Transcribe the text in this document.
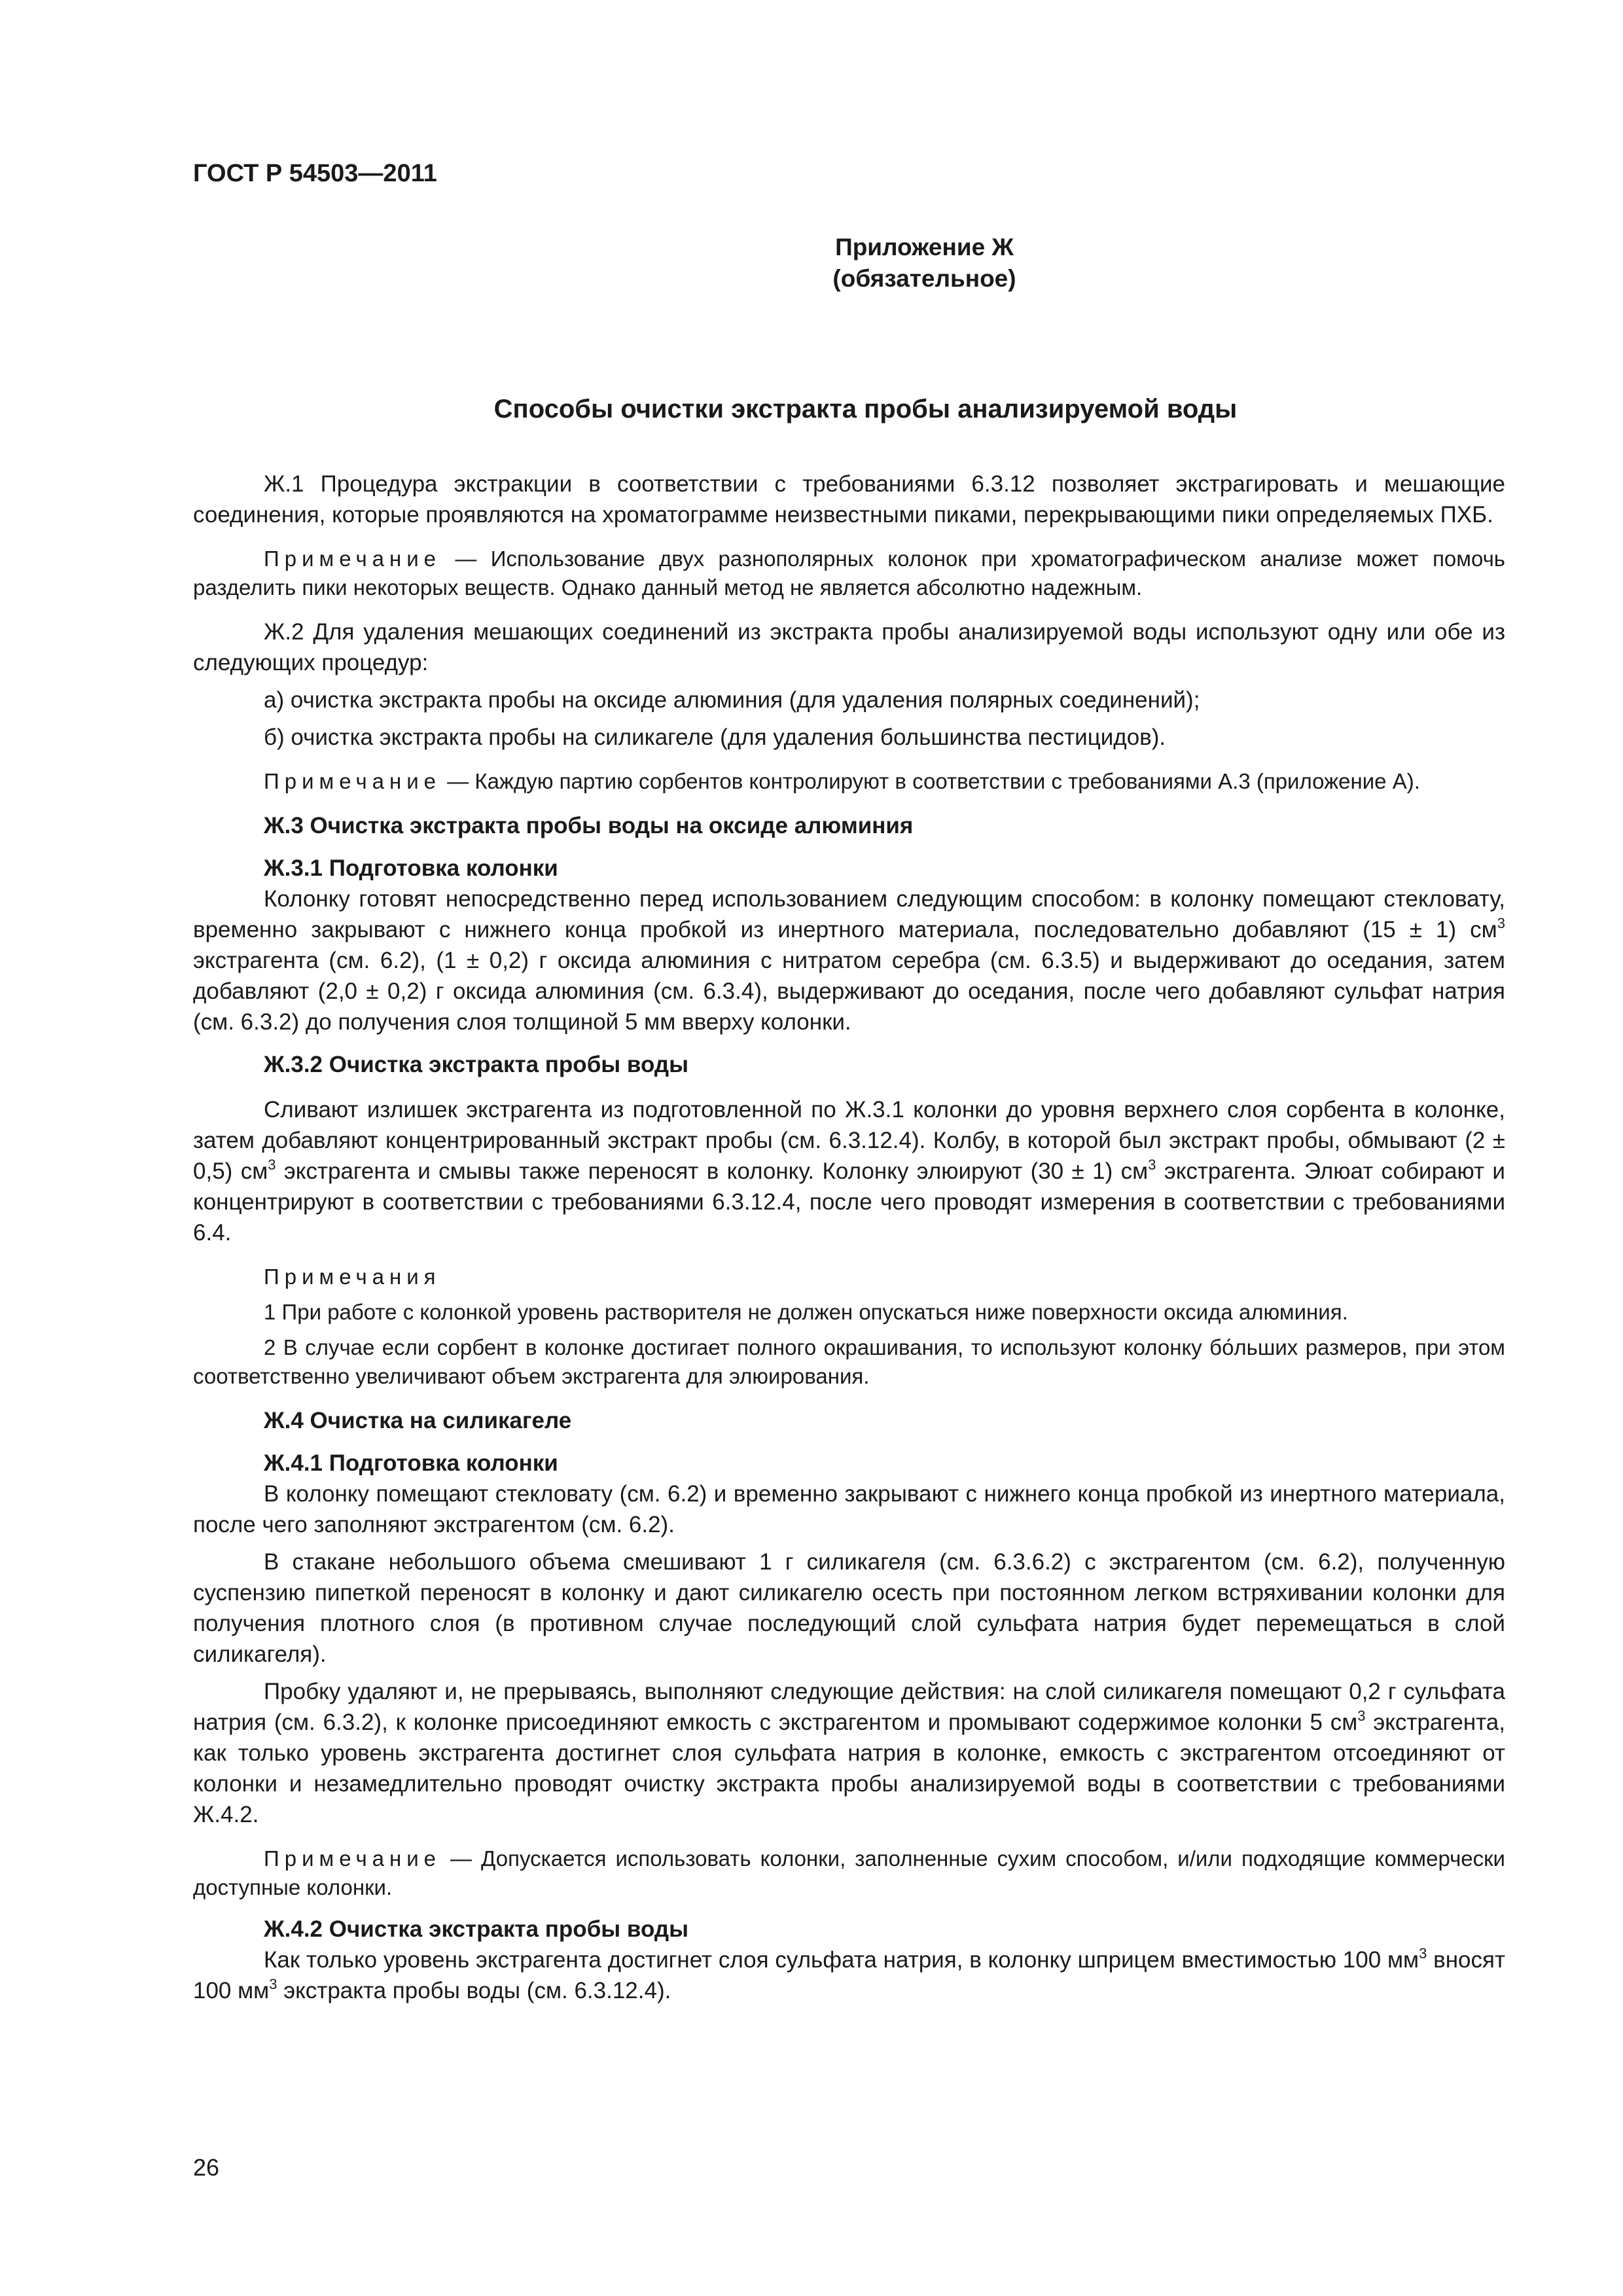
ГОСТ Р 54503—2011

Приложение Ж
(обязательное)
Способы очистки экстракта пробы анализируемой воды

Ж.1 Процедура экстракции в соответствии с требованиями 6.3.12 позволяет экстрагировать и мешающие соединения, которые проявляются на хроматограмме неизвестными пиками, перекрывающими пики определяемых ПХБ.

Примечание — Использование двух разнополярных колонок при хроматографическом анализе может помочь разделить пики некоторых веществ. Однако данный метод не является абсолютно надежным.

Ж.2 Для удаления мешающих соединений из экстракта пробы анализируемой воды используют одну или обе из следующих процедур:

а) очистка экстракта пробы на оксиде алюминия (для удаления полярных соединений);

б) очистка экстракта пробы на силикагеле (для удаления большинства пестицидов).

Примечание — Каждую партию сорбентов контролируют в соответствии с требованиями А.3 (приложение А).

Ж.3 Очистка экстракта пробы воды на оксиде алюминия

Ж.3.1 Подготовка колонки

Колонку готовят непосредственно перед использованием следующим способом: в колонку помещают стекловату, временно закрывают с нижнего конца пробкой из инертного материала, последовательно добавляют (15 ± 1) $см^3$ экстрагента (см. 6.2), (1 ± 0,2) г оксида алюминия с нитратом серебра (см. 6.3.5) и выдерживают до оседания, затем добавляют (2,0 ± 0,2) г оксида алюминия (см. 6.3.4), выдерживают до оседания, после чего добавляют сульфат натрия (см. 6.3.2) до получения слоя толщиной 5 мм вверху колонки.

Ж.3.2 Очистка экстракта пробы воды

Сливают излишек экстрагента из подготовленной по Ж.3.1 колонки до уровня верхнего слоя сорбента в колонке, затем добавляют концентрированный экстракт пробы (см. 6.3.12.4). Колбу, в которой был экстракт пробы, обмывают (2 ± 0,5) $см^3$ экстрагента и смывы также переносят в колонку. Колонку элюируют (30 ± 1) $см^3$ экстрагента. Элюат собирают и концентрируют в соответствии с требованиями 6.3.12.4, после чего проводят измерения в соответствии с требованиями 6.4.

Примечания

1 При работе с колонкой уровень растворителя не должен опускаться ниже поверхности оксида алюминия.

2 В случае если сорбент в колонке достигает полного окрашивания, то используют колонку бо́льших размеров, при этом соответственно увеличивают объем экстрагента для элюирования.

Ж.4 Очистка на силикагеле

Ж.4.1 Подготовка колонки

В колонку помещают стекловату (см. 6.2) и временно закрывают с нижнего конца пробкой из инертного материала, после чего заполняют экстрагентом (см. 6.2).

В стакане небольшого объема смешивают 1 г силикагеля (см. 6.3.6.2) с экстрагентом (см. 6.2), полученную суспензию пипеткой переносят в колонку и дают силикагелю осесть при постоянном легком встряхивании колонки для получения плотного слоя (в противном случае последующий слой сульфата натрия будет перемещаться в слой силикагеля).

Пробку удаляют и, не прерываясь, выполняют следующие действия: на слой силикагеля помещают 0,2 г сульфата натрия (см. 6.3.2), к колонке присоединяют емкость с экстрагентом и промывают содержимое колонки 5 $см^3$ экстрагента, как только уровень экстрагента достигнет слоя сульфата натрия в колонке, емкость с экстрагентом отсоединяют от колонки и незамедлительно проводят очистку экстракта пробы анализируемой воды в соответствии с требованиями Ж.4.2.

Примечание — Допускается использовать колонки, заполненные сухим способом, и/или подходящие коммерчески доступные колонки.

Ж.4.2 Очистка экстракта пробы воды

Как только уровень экстрагента достигнет слоя сульфата натрия, в колонку шприцем вместимостью 100 $мм^3$ вносят 100 $мм^3$ экстракта пробы воды (см. 6.3.12.4).

26
